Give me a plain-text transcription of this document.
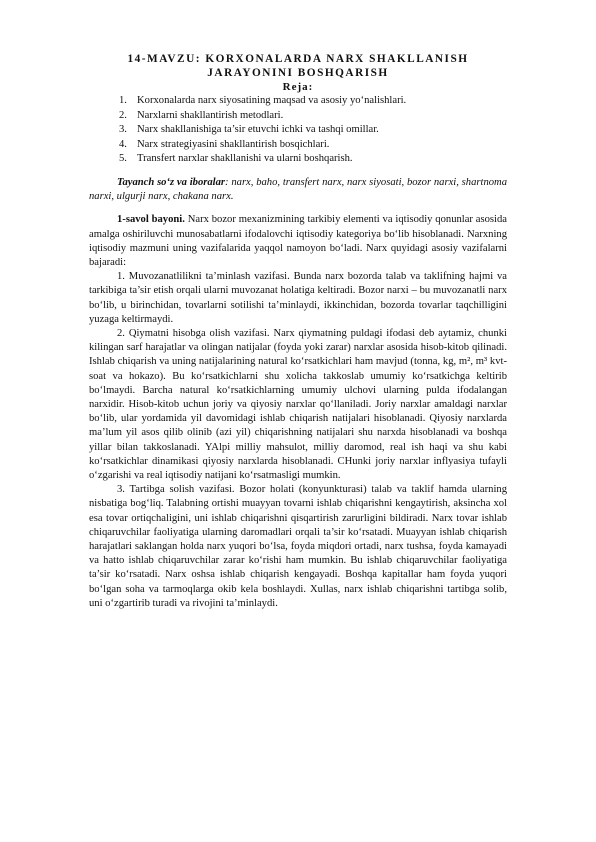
14-MAVZU: KORXONALARDA NARX SHAKLLANISH
JARAYONINI BOSHQARISH
Reja:
1. Korxonalarda narx siyosatining maqsad va asosiy yo‘nalishlari.
2. Narxlarni shakllantirish metodlari.
3. Narx shakllanishiga ta’sir etuvchi ichki va tashqi omillar.
4. Narx strategiyasini shakllantirish bosqichlari.
5. Transfert narxlar shakllanishi va ularni boshqarish.

Tayanch so‘z va iboralar: narx, baho, transfert narx, narx siyosati, bozor narxi, shartnoma narxi, ulgurji narx, chakana narx.

1-savol bayoni. Narx bozor mexanizmining tarkibiy elementi va iqtisodiy qonunlar asosida amalga oshiriluvchi munosabatlarni ifodalovchi iqtisodiy kategoriya bo‘lib hisoblanadi. Narxning iqtisodiy mazmuni uning vazifalarida yaqqol namoyon bo‘ladi. Narx quyidagi asosiy vazifalarni bajaradi:

1. Muvozanatlilikni ta’minlash vazifasi. Bunda narx bozorda talab va taklifning hajmi va tarkibiga ta’sir etish orqali ularni muvozanat holatiga keltiradi. Bozor narxi – bu muvozanatli narx bo‘lib, u birinchidan, tovarlarni sotilishi ta’minlaydi, ikkinchidan, bozorda tovarlar taqchilligini yuzaga keltirmaydi.

2. Qiymatni hisobga olish vazifasi. Narx qiymatning puldagi ifodasi deb aytamiz, chunki kilingan sarf harajatlar va olingan natijalar (foyda yoki zarar) narxlar asosida hisob-kitob qilinadi. Ishlab chiqarish va uning natijalarining natural ko‘rsatkichlari ham mavjud (tonna, kg, m², m³ kvt-soat va hokazo). Bu ko‘rsatkichlarni shu xolicha takkoslab umumiy ko‘rsatkichga keltirib bo‘lmaydi. Barcha natural ko‘rsatkichlarning umumiy ulchovi ularning pulda ifodalangan narxidir. Hisob-kitob uchun joriy va qiyosiy narxlar qo‘llaniladi. Joriy narxlar amaldagi narxlar bo‘lib, ular yordamida yil davomidagi ishlab chiqarish natijalari hisoblanadi. Qiyosiy narxlarda ma’lum yil asos qilib olinib (azi yil) chiqarishning natijalari shu narxda hisoblanadi va boshqa yillar bilan takkoslanadi. YAlpi milliy mahsulot, milliy daromod, real ish haqi va shu kabi ko‘rsatkichlar dinamikasi qiyosiy narxlarda hisoblanadi. CHunki joriy narxlar inflyasiya tufayli o‘zgarishi va real iqtisodiy natijani ko‘rsatmasligi mumkin.

3. Tartibga solish vazifasi. Bozor holati (konyunkturasi) talab va taklif hamda ularning nisbatiga bog‘liq. Talabning ortishi muayyan tovarni ishlab chiqarishni kengaytirish, aksincha xol esa tovar ortiqchaligini, uni ishlab chiqarishni qisqartirish zarurligini bildiradi. Narx tovar ishlab chiqaruvchilar faoliyatiga ularning daromadlari orqali ta’sir ko‘rsatadi. Muayyan ishlab chiqarish harajatlari saklangan holda narx yuqori bo‘lsa, foyda miqdori ortadi, narx tushsa, foyda kamayadi va hatto ishlab chiqaruvchilar zarar ko‘rishi ham mumkin. Bu ishlab chiqaruvchilar faoliyatiga ta’sir ko‘rsatadi. Narx oshsa ishlab chiqarish kengayadi. Boshqa kapitallar ham foyda yuqori bo‘lgan soha va tarmoqlarga okib kela boshlaydi. Xullas, narx ishlab chiqarishni tartibga solib, uni o‘zgartirib turadi va rivojini ta’minlaydi.
